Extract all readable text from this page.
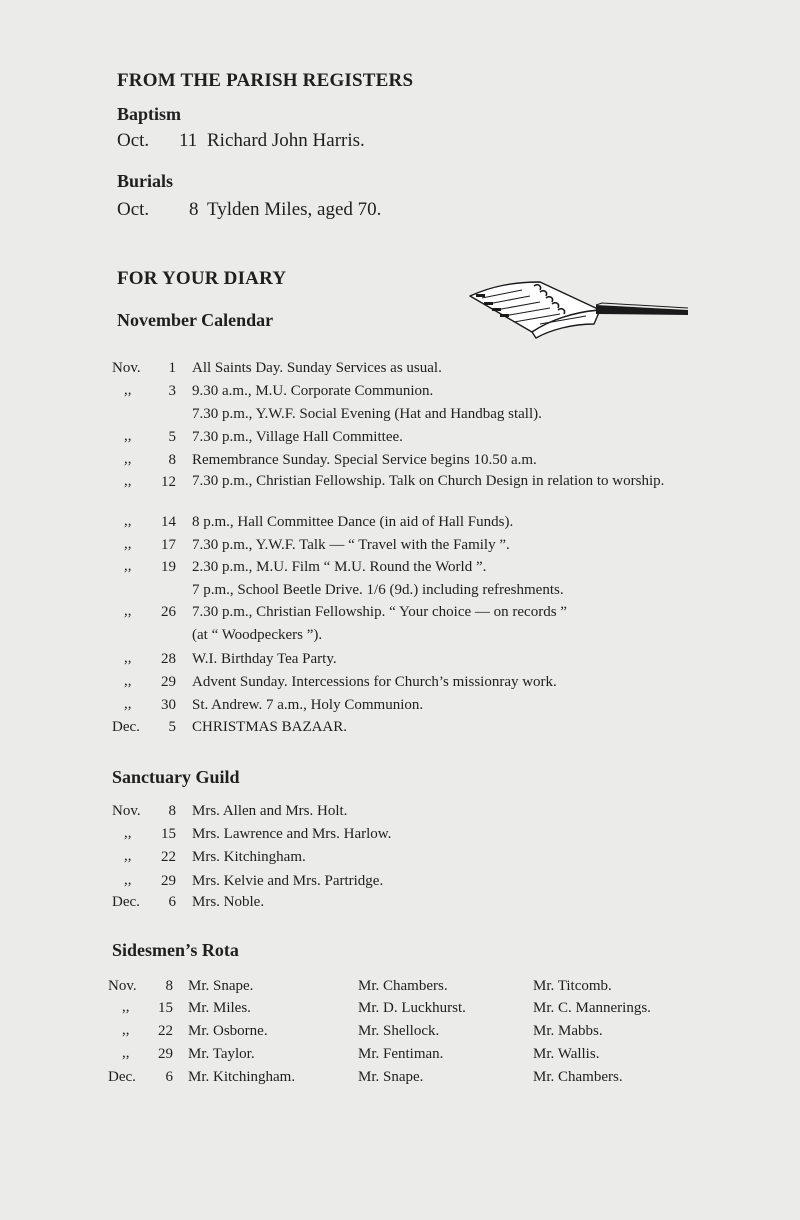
FROM THE PARISH REGISTERS
Baptism
Oct. 11 Richard John Harris.
Burials
Oct. 8 Tylden Miles, aged 70.
FOR YOUR DIARY
November Calendar
Nov.	1 All Saints Day. Sunday Services as usual.
,,	3 9.30 a.m., M.U. Corporate Communion.
7.30 p.m., Y.W.F. Social Evening (Hat and Handbag stall).
,,	5 7.30 p.m., Village Hall Committee.
,,	8 Remembrance Sunday. Special Service begins 10.50 a.m.
,,	12 7.30 p.m., Christian Fellowship. Talk on Church Design in relation to worship.
,,	14 8 p.m., Hall Committee Dance (in aid of Hall Funds).
,,	17 7.30 p.m., Y.W.F. Talk — “ Travel with the Family ”.
,,	19 2.30 p.m., M.U. Film “ M.U. Round the World ”.
7 p.m., School Beetle Drive. 1/6 (9d.) including refreshments.
,,	26 7.30 p.m., Christian Fellowship. “ Your choice — on records ”
(at “ Woodpeckers ”).
,,	28 W.I. Birthday Tea Party.
,,	29 Advent Sunday. Intercessions for Church’s missionray work.
,,	30 St. Andrew. 7 a.m., Holy Communion.
Dec.	5 CHRISTMAS BAZAAR.
Sanctuary Guild
Nov.	8 Mrs. Allen and Mrs. Holt.
,,	15 Mrs. Lawrence and Mrs. Harlow.
,,	22 Mrs. Kitchingham.
,,	29 Mrs. Kelvie and Mrs. Partridge.
Dec.	6 Mrs. Noble.
Sidesmen’s Rota
Nov.	8 Mr. Snape.	Mr. Chambers.	Mr. Titcomb.
,,	15 Mr. Miles.	Mr. D. Luckhurst.	Mr. C. Mannerings.
,,	22 Mr. Osborne.	Mr. Shellock.	Mr. Mabbs.
,,	29 Mr. Taylor.	Mr. Fentiman.	Mr. Wallis.
Dec.	6 Mr. Kitchingham.	Mr. Snape.	Mr. Chambers.
